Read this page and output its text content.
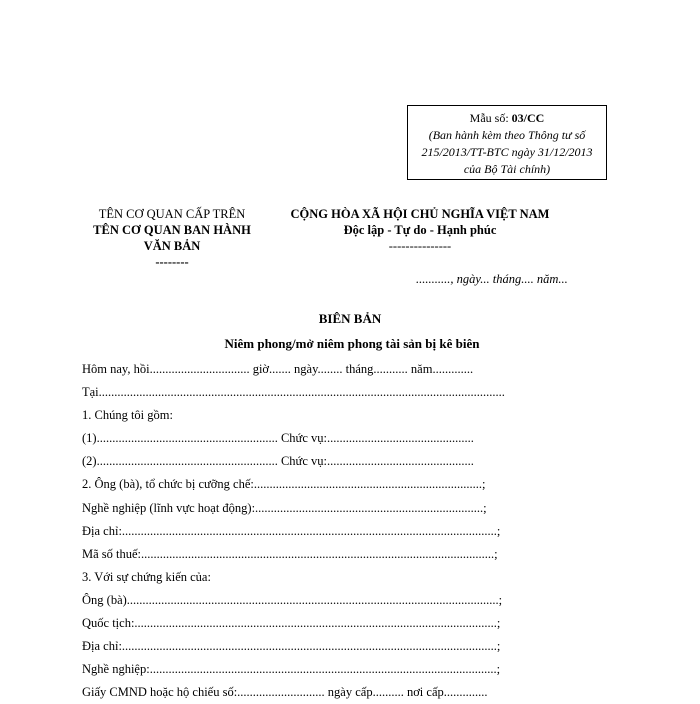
Mẫu số: 03/CC
(Ban hành kèm theo Thông tư số
215/2013/TT-BTC ngày 31/12/2013
của Bộ Tài chính)
TÊN CƠ QUAN CẤP TRÊN
TÊN CƠ QUAN BAN HÀNH
VĂN BẢN
--------
CỘNG HÒA XÃ HỘI CHỦ NGHĨA VIỆT NAM
Độc lập - Tự do - Hạnh phúc
---------------
..........., ngày... tháng.... năm...
BIÊN BẢN
Niêm phong/mở niêm phong tài sản bị kê biên
Hôm nay, hồi................................ giờ....... ngày........ tháng........... năm.............
Tại..................................................................................................................................
1. Chúng tôi gồm:
(1).......................................................... Chức vụ:...............................................
(2).......................................................... Chức vụ:...............................................
2. Ông (bà), tổ chức bị cưỡng chế:.........................................................................;
Nghề nghiệp (lĩnh vực hoạt động):.........................................................................;
Địa chỉ:........................................................................................................................;
Mã số thuế:.................................................................................................................;
3. Với sự chứng kiến của:
Ông (bà).......................................................................................................................;
Quốc tịch:....................................................................................................................;
Địa chỉ:........................................................................................................................;
Nghề nghiệp:...............................................................................................................;
Giấy CMND hoặc hộ chiếu số:............................ ngày cấp.......... nơi cấp..............
